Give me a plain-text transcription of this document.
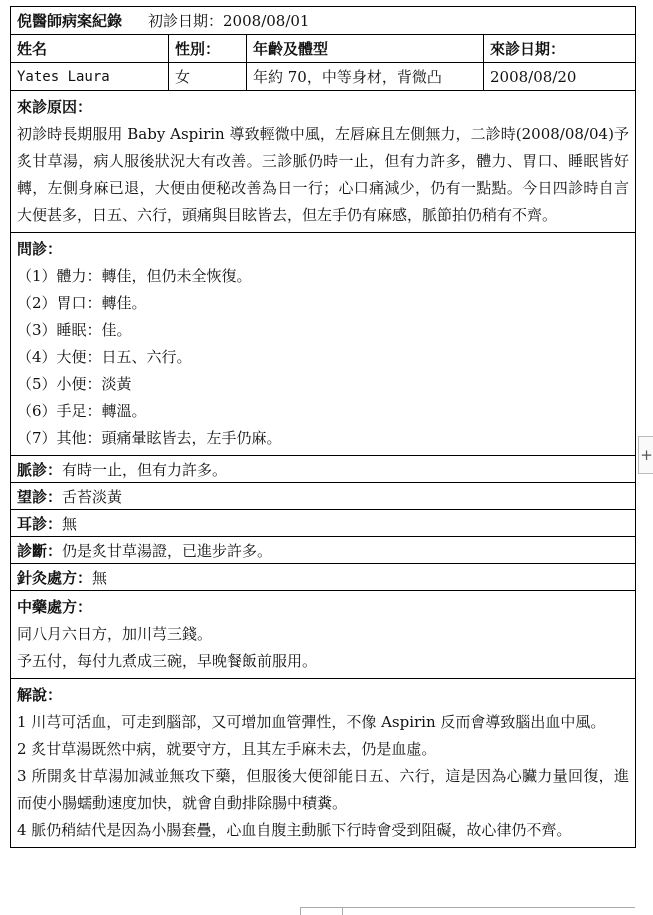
倪醫師病案紀錄 初診日期：2008/08/01
姓名	性別：	年齡及體型	來診日期：
Yates Laura	女	年約 70，中等身材，背微凸	2008/08/20
來診原因：

初診時長期服用 Baby Aspirin 導致輕微中風，左唇麻且左側無力，二診時(2008/08/04)予炙甘草湯，病人服後狀況大有改善。三診脈仍時一止，但有力許多，體力、胃口、睡眠皆好轉，左側身麻已退，大便由便秘改善為日一行；心口痛減少，仍有一點點。今日四診時自言大便甚多，日五、六行，頭痛與目眩皆去，但左手仍有麻感，脈節拍仍稍有不齊。

問診：

（1）體力：轉佳，但仍未全恢復。

（2）胃口：轉佳。

（3）睡眠：佳。

（4）大便：日五、六行。

（5）小便：淡黃

（6）手足：轉溫。

（7）其他：頭痛暈眩皆去，左手仍麻。

脈診： 有時一止，但有力許多。
望診： 舌苔淡黃
耳診： 無
診斷： 仍是炙甘草湯證，已進步許多。
針灸處方： 無
中藥處方：

同八月六日方，加川芎三錢。

予五付，每付九煮成三碗，早晚餐飯前服用。

解說：

1 川芎可活血，可走到腦部，又可增加血管彈性，不像 Aspirin 反而會導致腦出血中風。

2 炙甘草湯既然中病，就要守方，且其左手麻未去，仍是血虛。

3 所開炙甘草湯加減並無攻下藥，但服後大便卻能日五、六行，這是因為心臟力量回復，進而使小腸蠕動速度加快，就會自動排除腸中積糞。

4 脈仍稍結代是因為小腸套疊，心血自腹主動脈下行時會受到阻礙，故心律仍不齊。

+
